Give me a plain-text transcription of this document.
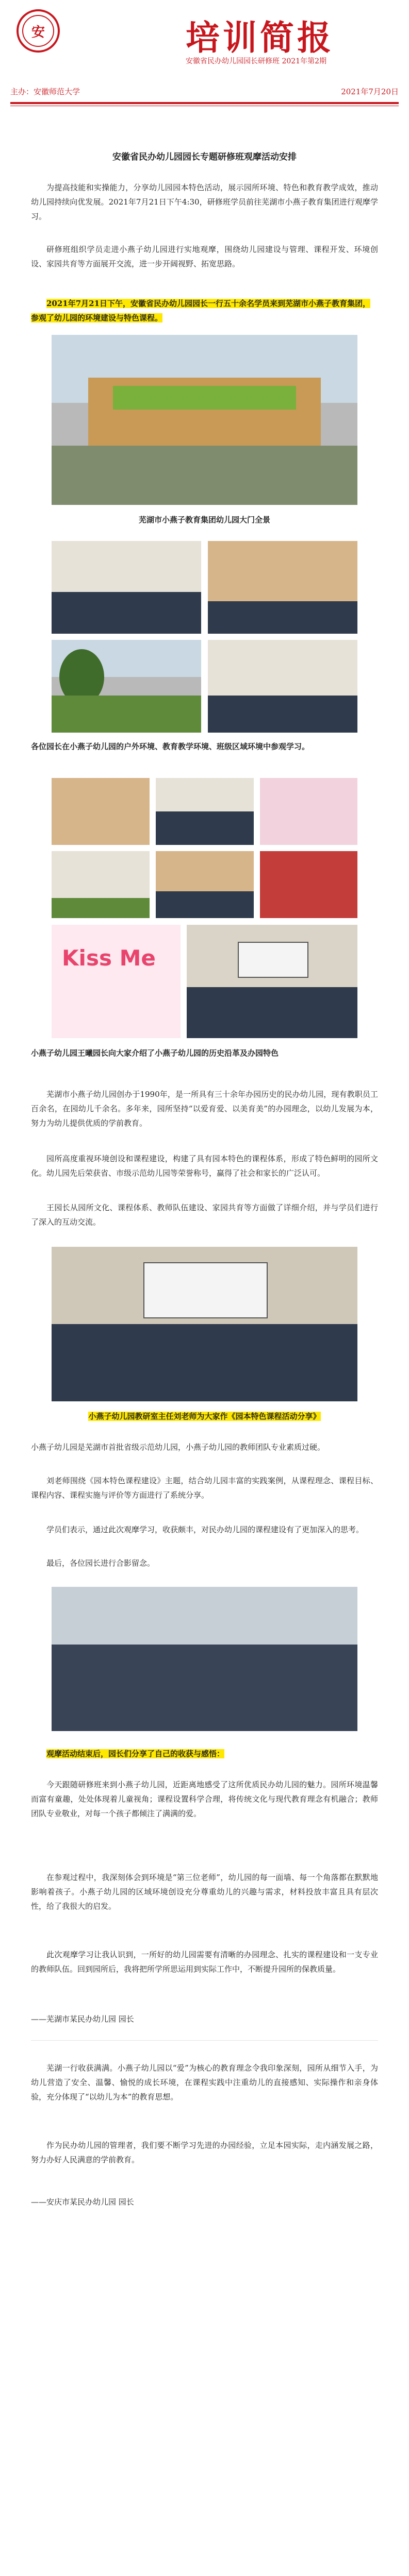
安	培训简报
安徽省民办幼儿园园长研修班 2021年第2期
主办：安徽师范大学	2021年7月20日
安徽省民办幼儿园园长专题研修班观摩活动安排
为提高技能和实操能力，分享幼儿园园本特色活动，展示园所环境、特色和教育教学成效，推动幼儿园持续向优发展。2021年7月21日下午4:30，研修班学员前往芜湖市小燕子教育集团进行观摩学习。
研修班组织学员走进小燕子幼儿园进行实地观摩，围绕幼儿园建设与管理、课程开发、环境创设、家园共育等方面展开交流，进一步开阔视野、拓宽思路。
2021年7月21日下午，安徽省民办幼儿园园长一行五十余名学员来到芜湖市小燕子教育集团，参观了幼儿园的环境建设与特色课程。
芜湖市小燕子教育集团幼儿园大门全景
各位园长在小燕子幼儿园的户外环境、教育教学环境、班级区域环境中参观学习。
Kiss Me
小燕子幼儿园王曦园长向大家介绍了小燕子幼儿园的历史沿革及办园特色
芜湖市小燕子幼儿园创办于1990年，是一所具有三十余年办园历史的民办幼儿园，现有教职员工百余名，在园幼儿千余名。多年来，园所坚持“以爱育爱、以美育美”的办园理念，以幼儿发展为本，努力为幼儿提供优质的学前教育。
园所高度重视环境创设和课程建设，构建了具有园本特色的课程体系，形成了特色鲜明的园所文化。幼儿园先后荣获省、市级示范幼儿园等荣誉称号，赢得了社会和家长的广泛认可。
王园长从园所文化、课程体系、教师队伍建设、家园共育等方面做了详细介绍，并与学员们进行了深入的互动交流。
小燕子幼儿园教研室主任刘老师为大家作《园本特色课程活动分享》
小燕子幼儿园是芜湖市首批省级示范幼儿园，小燕子幼儿园的教师团队专业素质过硬。
刘老师围绕《园本特色课程建设》主题，结合幼儿园丰富的实践案例，从课程理念、课程目标、课程内容、课程实施与评价等方面进行了系统分享。
学员们表示，通过此次观摩学习，收获颇丰，对民办幼儿园的课程建设有了更加深入的思考。
最后，各位园长进行合影留念。
观摩活动结束后，园长们分享了自己的收获与感悟：
今天跟随研修班来到小燕子幼儿园，近距离地感受了这所优质民办幼儿园的魅力。园所环境温馨而富有童趣，处处体现着儿童视角；课程设置科学合理，将传统文化与现代教育理念有机融合；教师团队专业敬业，对每一个孩子都倾注了满满的爱。
在参观过程中，我深刻体会到环境是“第三位老师”，幼儿园的每一面墙、每一个角落都在默默地影响着孩子。小燕子幼儿园的区域环境创设充分尊重幼儿的兴趣与需求，材料投放丰富且具有层次性，给了我很大的启发。
此次观摩学习让我认识到，一所好的幼儿园需要有清晰的办园理念、扎实的课程建设和一支专业的教师队伍。回到园所后，我将把所学所思运用到实际工作中，不断提升园所的保教质量。
——芜湖市某民办幼儿园 园长
芜湖一行收获满满。小燕子幼儿园以“爱”为核心的教育理念令我印象深刻，园所从细节入手，为幼儿营造了安全、温馨、愉悦的成长环境，在课程实践中注重幼儿的直接感知、实际操作和亲身体验，充分体现了“以幼儿为本”的教育思想。
作为民办幼儿园的管理者，我们要不断学习先进的办园经验，立足本园实际，走内涵发展之路，努力办好人民满意的学前教育。
——安庆市某民办幼儿园 园长
